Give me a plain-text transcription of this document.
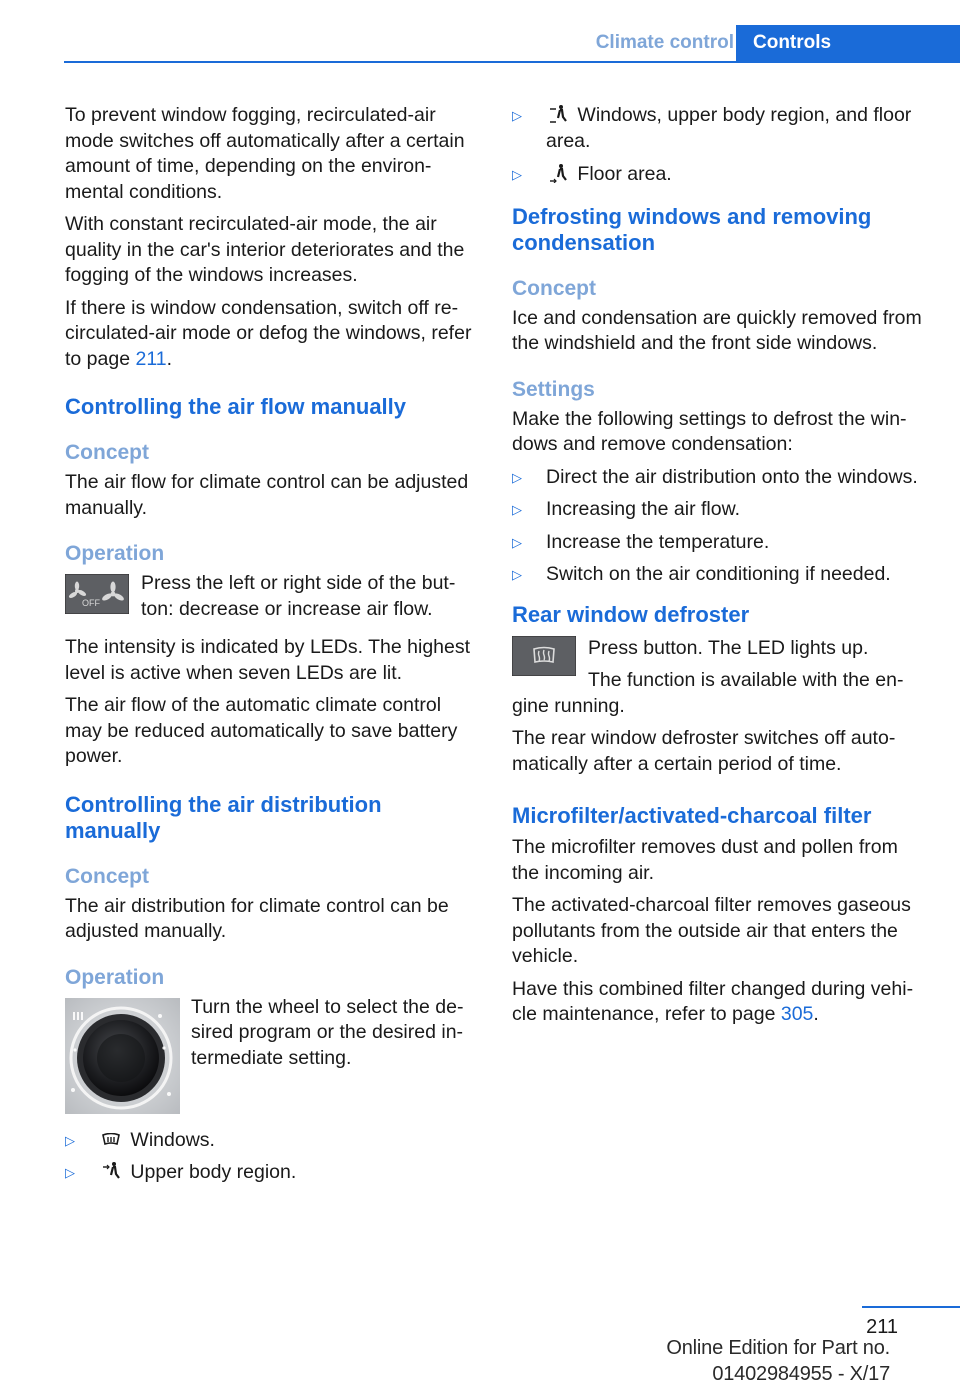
Climate control	Controls

To prevent window fogging, recirculated-air mode switches off automatically after a certain amount of time, depending on the environmental conditions.

With constant recirculated-air mode, the air quality in the car's interior deteriorates and the fogging of the windows increases.

If there is window condensation, switch off recirculated-air mode or defog the windows, refer to page 211.

Controlling the air flow manually
Concept

The air flow for climate control can be adjusted manually.

Operation
OFF

Press the left or right side of the button: decrease or increase air flow.

The intensity is indicated by LEDs. The highest level is active when seven LEDs are lit.

The air flow of the automatic climate control may be reduced automatically to save battery power.

Controlling the air distribution manually
Concept

The air distribution for climate control can be adjusted manually.

Operation

Turn the wheel to select the desired program or the desired intermediate setting.

▷	Windows.
▷	Upper body region.
▷	Windows, upper body region, and floor area.
▷	Floor area.
Defrosting windows and removing condensation
Concept

Ice and condensation are quickly removed from the windshield and the front side windows.

Settings

Make the following settings to defrost the windows and remove condensation:

▷ Direct the air distribution onto the windows.
▷ Increasing the air flow.
▷ Increase the temperature.
▷ Switch on the air conditioning if needed.
Rear window defroster

Press button. The LED lights up.

The function is available with the engine running.

The rear window defroster switches off automatically after a certain period of time.

Microfilter/activated-charcoal filter

The microfilter removes dust and pollen from the incoming air.

The activated-charcoal filter removes gaseous pollutants from the outside air that enters the vehicle.

Have this combined filter changed during vehicle maintenance, refer to page 305.

211
Online Edition for Part no. 01402984955 - X/17
